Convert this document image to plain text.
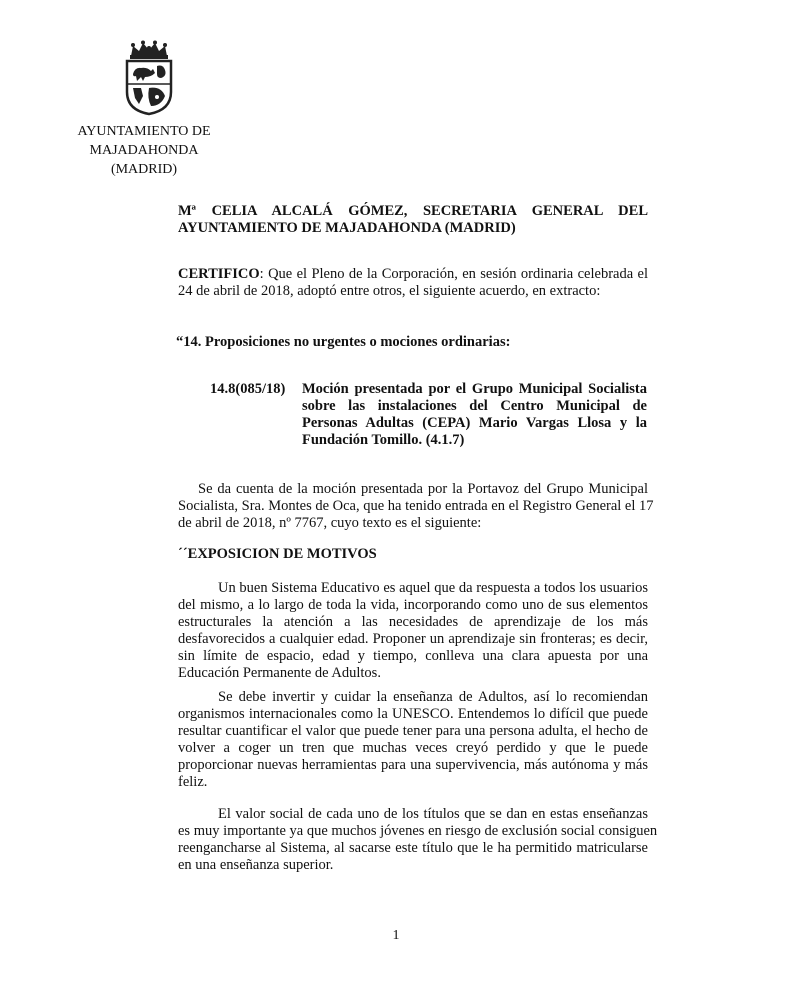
AYUNTAMIENTO DE
MAJADAHONDA
(MADRID)
Mª CELIA ALCALÁ GÓMEZ, SECRETARIA GENERAL DEL
AYUNTAMIENTO DE MAJADAHONDA (MADRID)
CERTIFICO: Que el Pleno de la Corporación, en sesión ordinaria celebrada el
24 de abril de 2018, adoptó entre otros, el siguiente acuerdo, en extracto:
“14. Proposiciones no urgentes o mociones ordinarias:
14.8(085/18) Moción presentada por el Grupo Municipal Socialista
sobre las instalaciones del Centro Municipal de
Personas Adultas (CEPA) Mario Vargas Llosa y la
Fundación Tomillo. (4.1.7)
Se da cuenta de la moción presentada por la Portavoz del Grupo Municipal
Socialista, Sra. Montes de Oca, que ha tenido entrada en el Registro General el 17
de abril de 2018, nº 7767, cuyo texto es el siguiente:
´´EXPOSICION DE MOTIVOS
Un buen Sistema Educativo es aquel que da respuesta a todos los usuarios
del mismo, a lo largo de toda la vida, incorporando como uno de sus elementos
estructurales la atención a las necesidades de aprendizaje de los más
desfavorecidos a cualquier edad. Proponer un aprendizaje sin fronteras; es decir,
sin límite de espacio, edad y tiempo, conlleva una clara apuesta por una
Educación Permanente de Adultos.
Se debe invertir y cuidar la enseñanza de Adultos, así lo recomiendan
organismos internacionales como la UNESCO. Entendemos lo difícil que puede
resultar cuantificar el valor que puede tener para una persona adulta, el hecho de
volver a coger un tren que muchas veces creyó perdido y que le puede
proporcionar nuevas herramientas para una supervivencia, más autónoma y más
feliz.
El valor social de cada uno de los títulos que se dan en estas enseñanzas
es muy importante ya que muchos jóvenes en riesgo de exclusión social consiguen
reengancharse al Sistema, al sacarse este título que le ha permitido matricularse
en una enseñanza superior.
1
